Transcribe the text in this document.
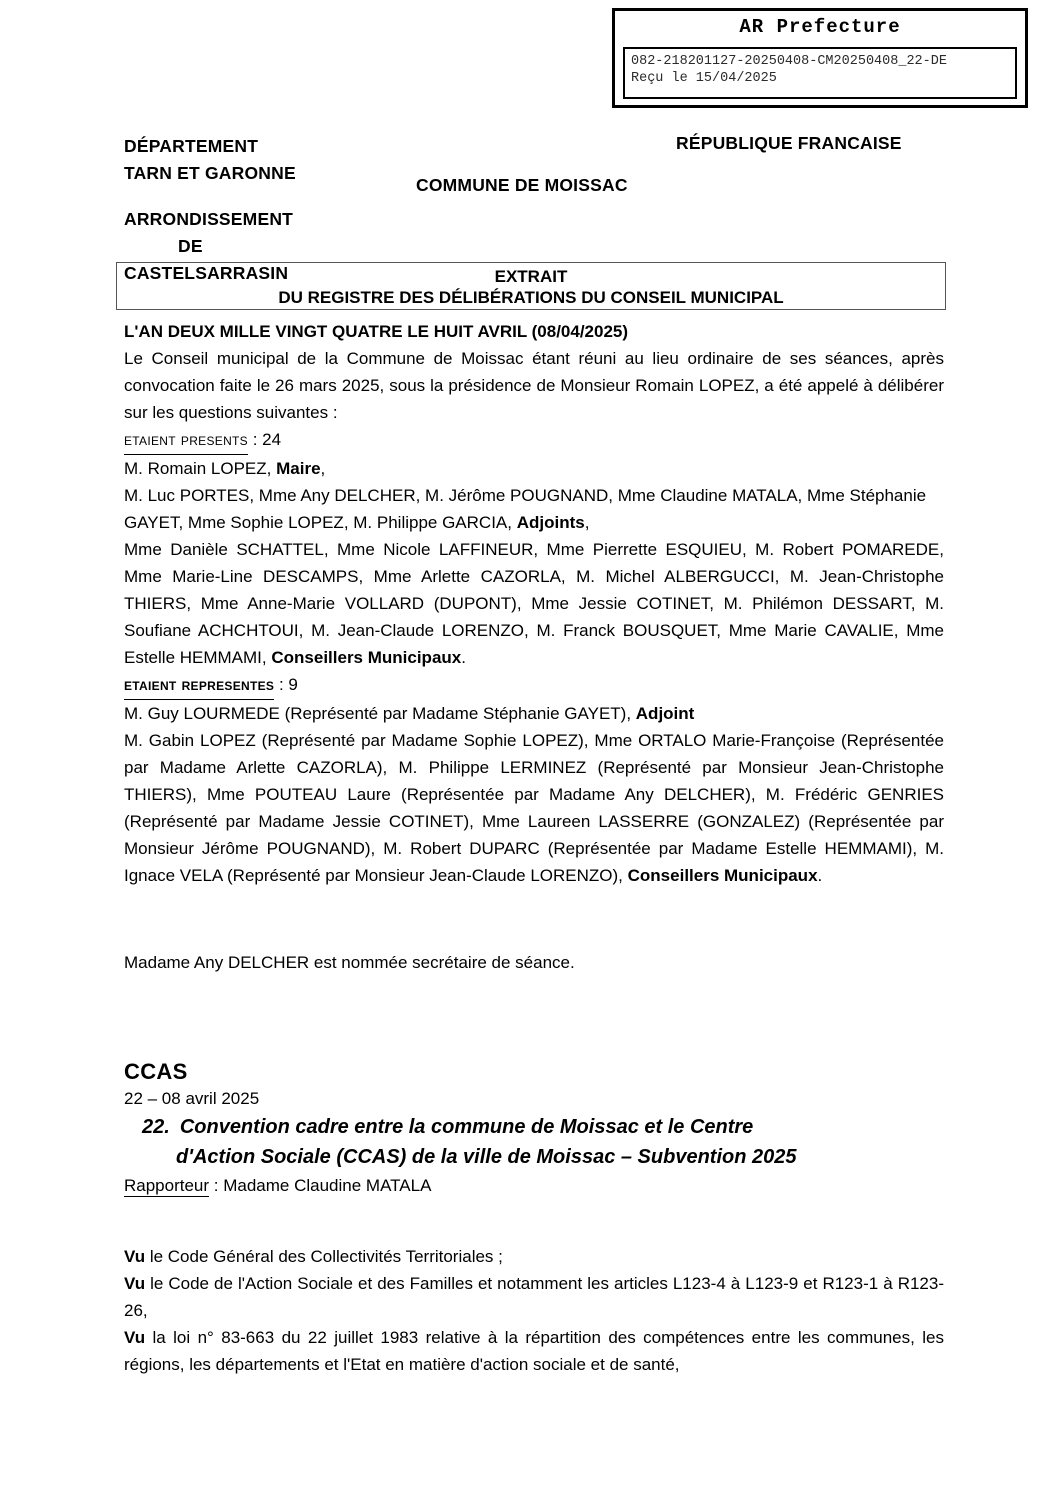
AR Prefecture
082-218201127-20250408-CM20250408_22-DE
Reçu le 15/04/2025
DÉPARTEMENT
TARN ET GARONNE
ARRONDISSEMENT
DE
CASTELSARRASIN
RÉPUBLIQUE FRANCAISE
COMMUNE DE MOISSAC
EXTRAIT
DU REGISTRE DES DÉLIBÉRATIONS DU CONSEIL MUNICIPAL

L'AN DEUX MILLE VINGT QUATRE LE HUIT AVRIL (08/04/2025)

Le Conseil municipal de la Commune de Moissac étant réuni au lieu ordinaire de ses séances, après convocation faite le 26 mars 2025, sous la présidence de Monsieur Romain LOPEZ, a été appelé à délibérer sur les questions suivantes :

etaient presents : 24

M. Romain LOPEZ, Maire,

M. Luc PORTES, Mme Any DELCHER, M. Jérôme POUGNAND, Mme Claudine MATALA, Mme Stéphanie GAYET, Mme Sophie LOPEZ, M. Philippe GARCIA, Adjoints,

Mme Danièle SCHATTEL, Mme Nicole LAFFINEUR, Mme Pierrette ESQUIEU, M. Robert POMAREDE, Mme Marie-Line DESCAMPS, Mme Arlette CAZORLA, M. Michel ALBERGUCCI, M. Jean-Christophe THIERS, Mme Anne-Marie VOLLARD (DUPONT), Mme Jessie COTINET, M. Philémon DESSART, M. Soufiane ACHCHTOUI, M. Jean-Claude LORENZO, M. Franck BOUSQUET, Mme Marie CAVALIE, Mme Estelle HEMMAMI, Conseillers Municipaux.

etaient representes : 9

M. Guy LOURMEDE (Représenté par Madame Stéphanie GAYET), Adjoint

M. Gabin LOPEZ (Représenté par Madame Sophie LOPEZ), Mme ORTALO Marie-Françoise (Représentée par Madame Arlette CAZORLA), M. Philippe LERMINEZ (Représenté par Monsieur Jean-Christophe THIERS), Mme POUTEAU Laure (Représentée par Madame Any DELCHER), M. Frédéric GENRIES (Représenté par Madame Jessie COTINET), Mme Laureen LASSERRE (GONZALEZ) (Représentée par Monsieur Jérôme POUGNAND), M. Robert DUPARC (Représentée par Madame Estelle HEMMAMI), M. Ignace VELA (Représenté par Monsieur Jean-Claude LORENZO), Conseillers Municipaux.

Madame Any DELCHER est nommée secrétaire de séance.

CCAS

22 – 08 avril 2025

22. Convention cadre entre la commune de Moissac et le Centre
d'Action Sociale (CCAS) de la ville de Moissac – Subvention 2025

Rapporteur : Madame Claudine MATALA

Vu le Code Général des Collectivités Territoriales ;

Vu le Code de l'Action Sociale et des Familles et notamment les articles L123-4 à L123-9 et R123-1 à R123-26,

Vu la loi n° 83-663 du 22 juillet 1983 relative à la répartition des compétences entre les communes, les régions, les départements et l'Etat en matière d'action sociale et de santé,
